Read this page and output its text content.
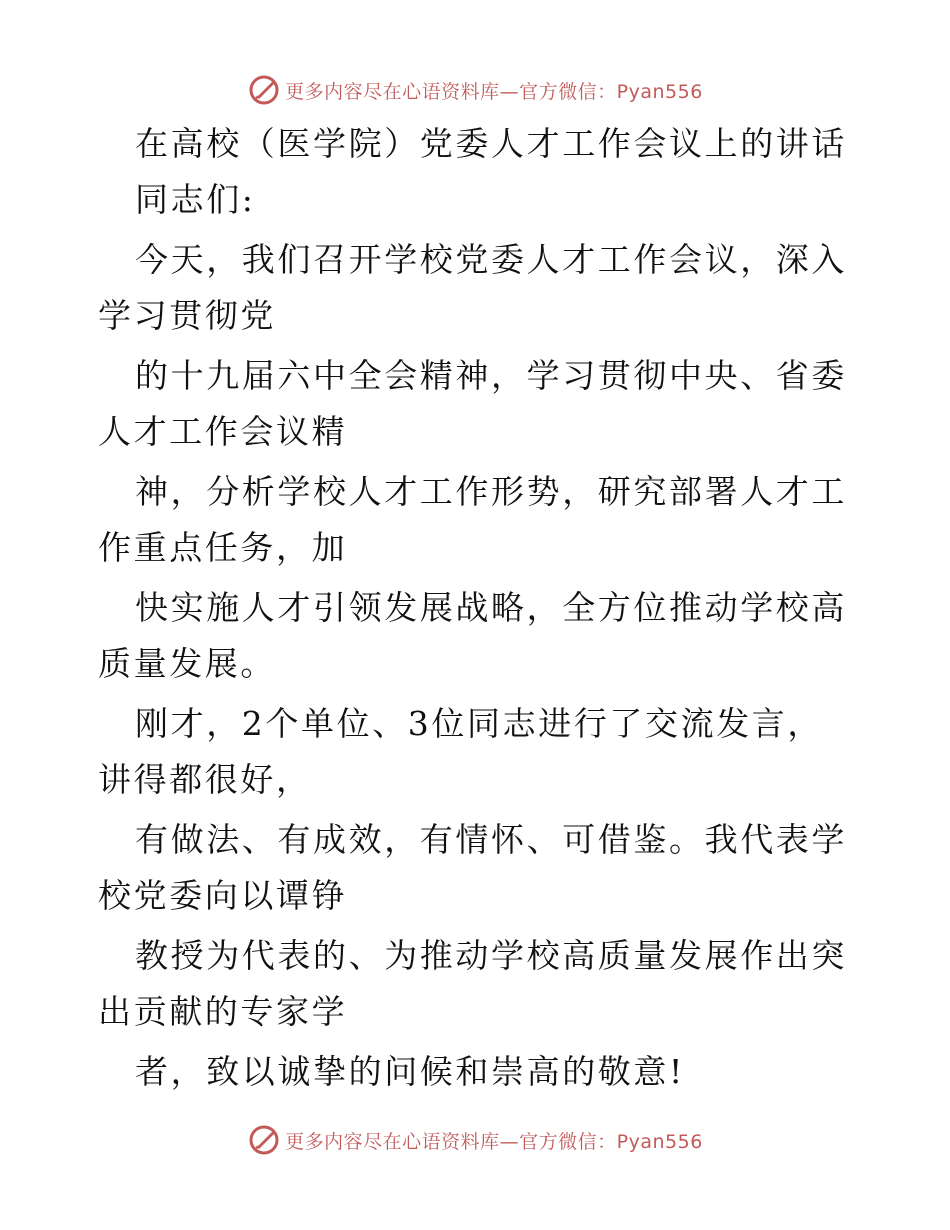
更多内容尽在心语资料库—官方微信：Pyan556

在高校（医学院）党委人才工作会议上的讲话

同志们:

今天，我们召开学校党委人才工作会议，深入学习贯彻党

的十九届六中全会精神，学习贯彻中央、省委人才工作会议精

神，分析学校人才工作形势，研究部署人才工作重点任务，加

快实施人才引领发展战略，全方位推动学校高质量发展。

刚才，2个单位、3位同志进行了交流发言，讲得都很好，

有做法、有成效，有情怀、可借鉴。我代表学校党委向以谭铮

教授为代表的、为推动学校高质量发展作出突出贡献的专家学

者，致以诚挚的问候和崇高的敬意!

更多内容尽在心语资料库—官方微信：Pyan556
